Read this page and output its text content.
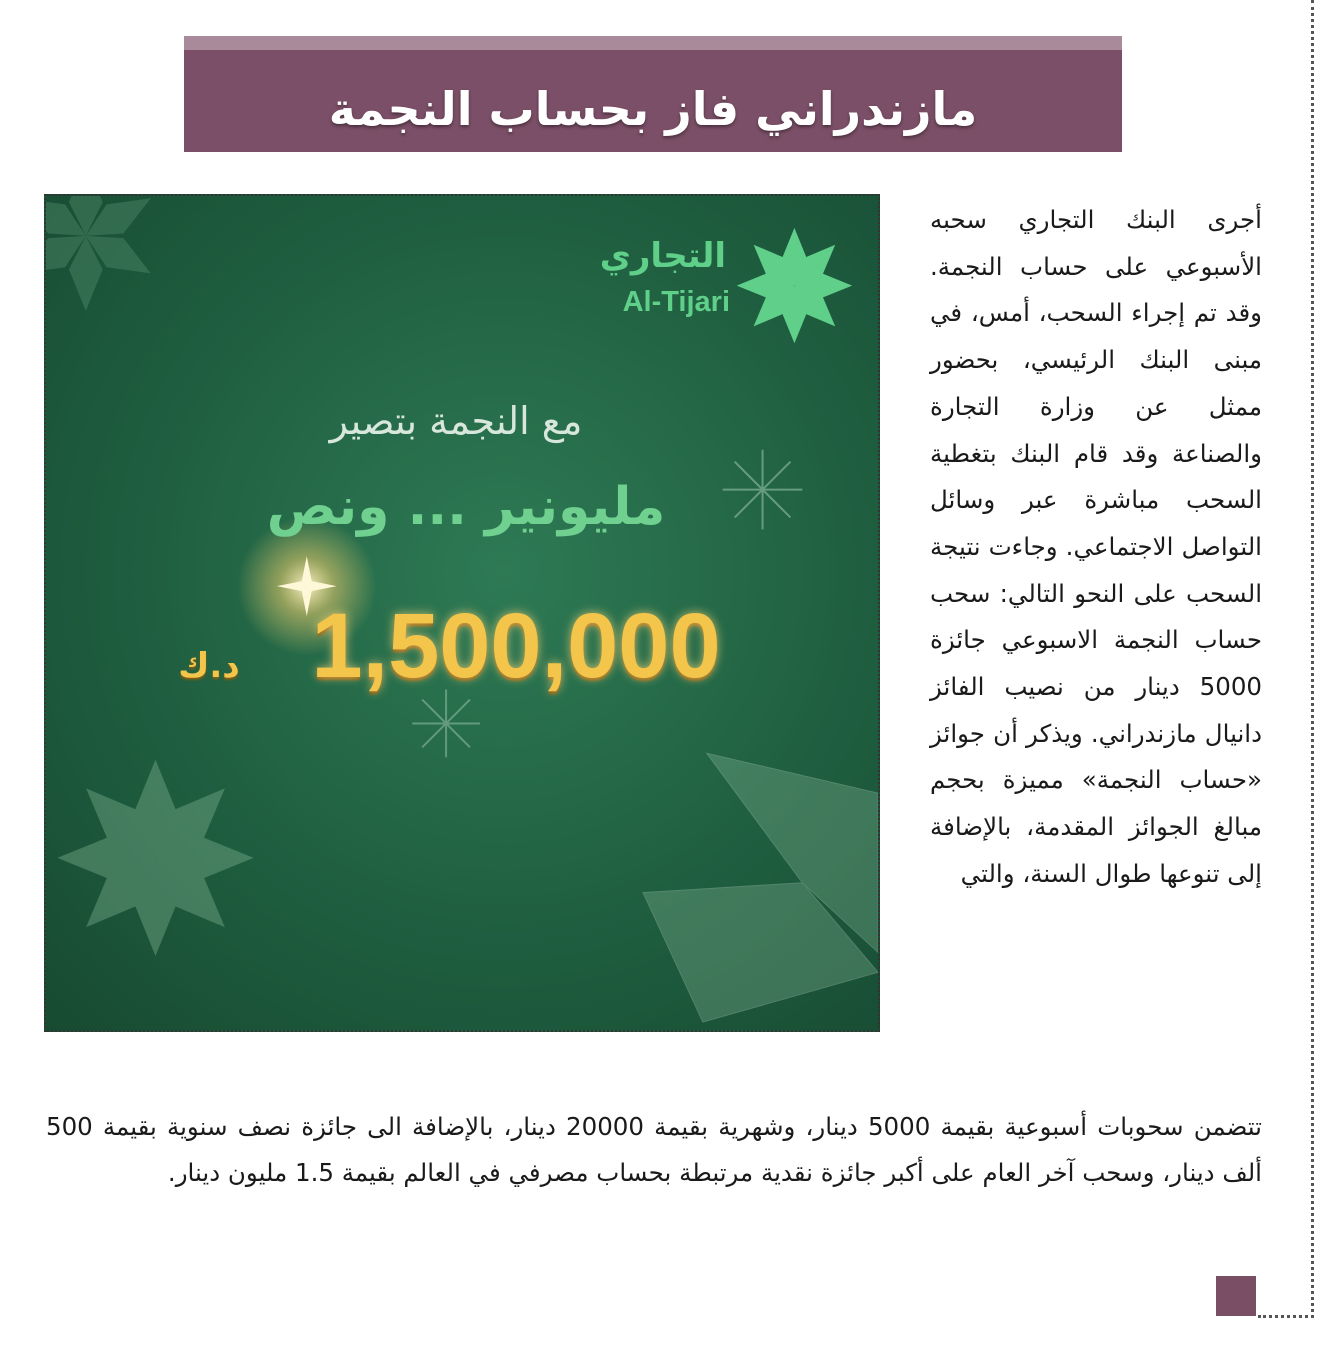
مازندراني فاز بحساب النجمة
التجاري
Al-Tijari
مع النجمة بتصير
مليونير ... ونص
1,500,000
د.ك

أجرى البنك التجاري سحبه الأسبوعي على حساب النجمة. وقد تم إجراء السحب، أمس، في مبنى البنك الرئيسي، بحضور ممثل عن وزارة التجارة والصناعة وقد قام البنك بتغطية السحب مباشرة عبر وسائل التواصل الاجتماعي. وجاءت نتيجة السحب على النحو التالي: سحب حساب النجمة الاسبوعي جائزة 5000 دينار من نصيب الفائز دانيال مازندراني. ويذكر أن جوائز «حساب النجمة» مميزة بحجم مبالغ الجوائز المقدمة، بالإضافة إلى تنوعها طوال السنة، والتي

تتضمن سحوبات أسبوعية بقيمة 5000 دينار، وشهرية بقيمة 20000 دينار، بالإضافة الى جائزة نصف سنوية بقيمة 500 ألف دينار، وسحب آخر العام على أكبر جائزة نقدية مرتبطة بحساب مصرفي في العالم بقيمة 1.5 مليون دينار.
